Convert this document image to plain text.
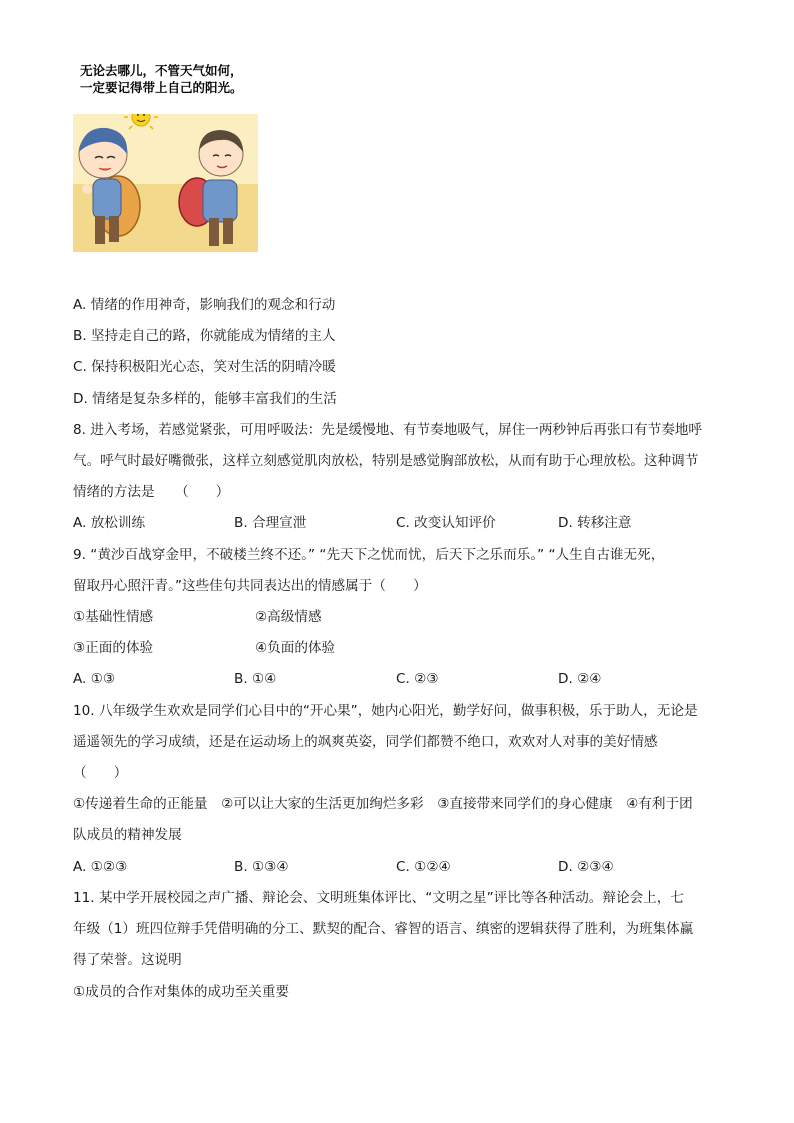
无论去哪儿，不管天气如何，
一定要记得带上自己的阳光。
A. 情绪的作用神奇，影响我们的观念和行动
B. 坚持走自己的路，你就能成为情绪的主人
C. 保持积极阳光心态，笑对生活的阴晴冷暖
D. 情绪是复杂多样的，能够丰富我们的生活
8. 进入考场，若感觉紧张，可用呼吸法：先是缓慢地、有节奏地吸气，屏住一两秒钟后再张口有节奏地呼
气。呼气时最好嘴微张，这样立刻感觉肌肉放松，特别是感觉胸部放松，从而有助于心理放松。这种调节
情绪的方法是　　（　　）
A. 放松训练	B. 合理宣泄	C. 改变认知评价	D. 转移注意
9. “黄沙百战穿金甲，不破楼兰终不还。” “先天下之忧而忧，后天下之乐而乐。” “人生自古谁无死，
留取丹心照汗青。”这些佳句共同表达出的情感属于（　　）
①基础性情感	②高级情感
③正面的体验	④负面的体验
A. ①③	B. ①④	C. ②③	D. ②④
10. 八年级学生欢欢是同学们心目中的“开心果”，她内心阳光，勤学好问，做事积极，乐于助人，无论是
遥遥领先的学习成绩，还是在运动场上的飒爽英姿，同学们都赞不绝口，欢欢对人对事的美好情感
（　　）
①传递着生命的正能量　②可以让大家的生活更加绚烂多彩　③直接带来同学们的身心健康　④有利于团
队成员的精神发展
A. ①②③	B. ①③④	C. ①②④	D. ②③④
11. 某中学开展校园之声广播、辩论会、文明班集体评比、“文明之星”评比等各种活动。辩论会上，七
年级（1）班四位辩手凭借明确的分工、默契的配合、睿智的语言、缜密的逻辑获得了胜利，为班集体赢
得了荣誉。这说明
①成员的合作对集体的成功至关重要
